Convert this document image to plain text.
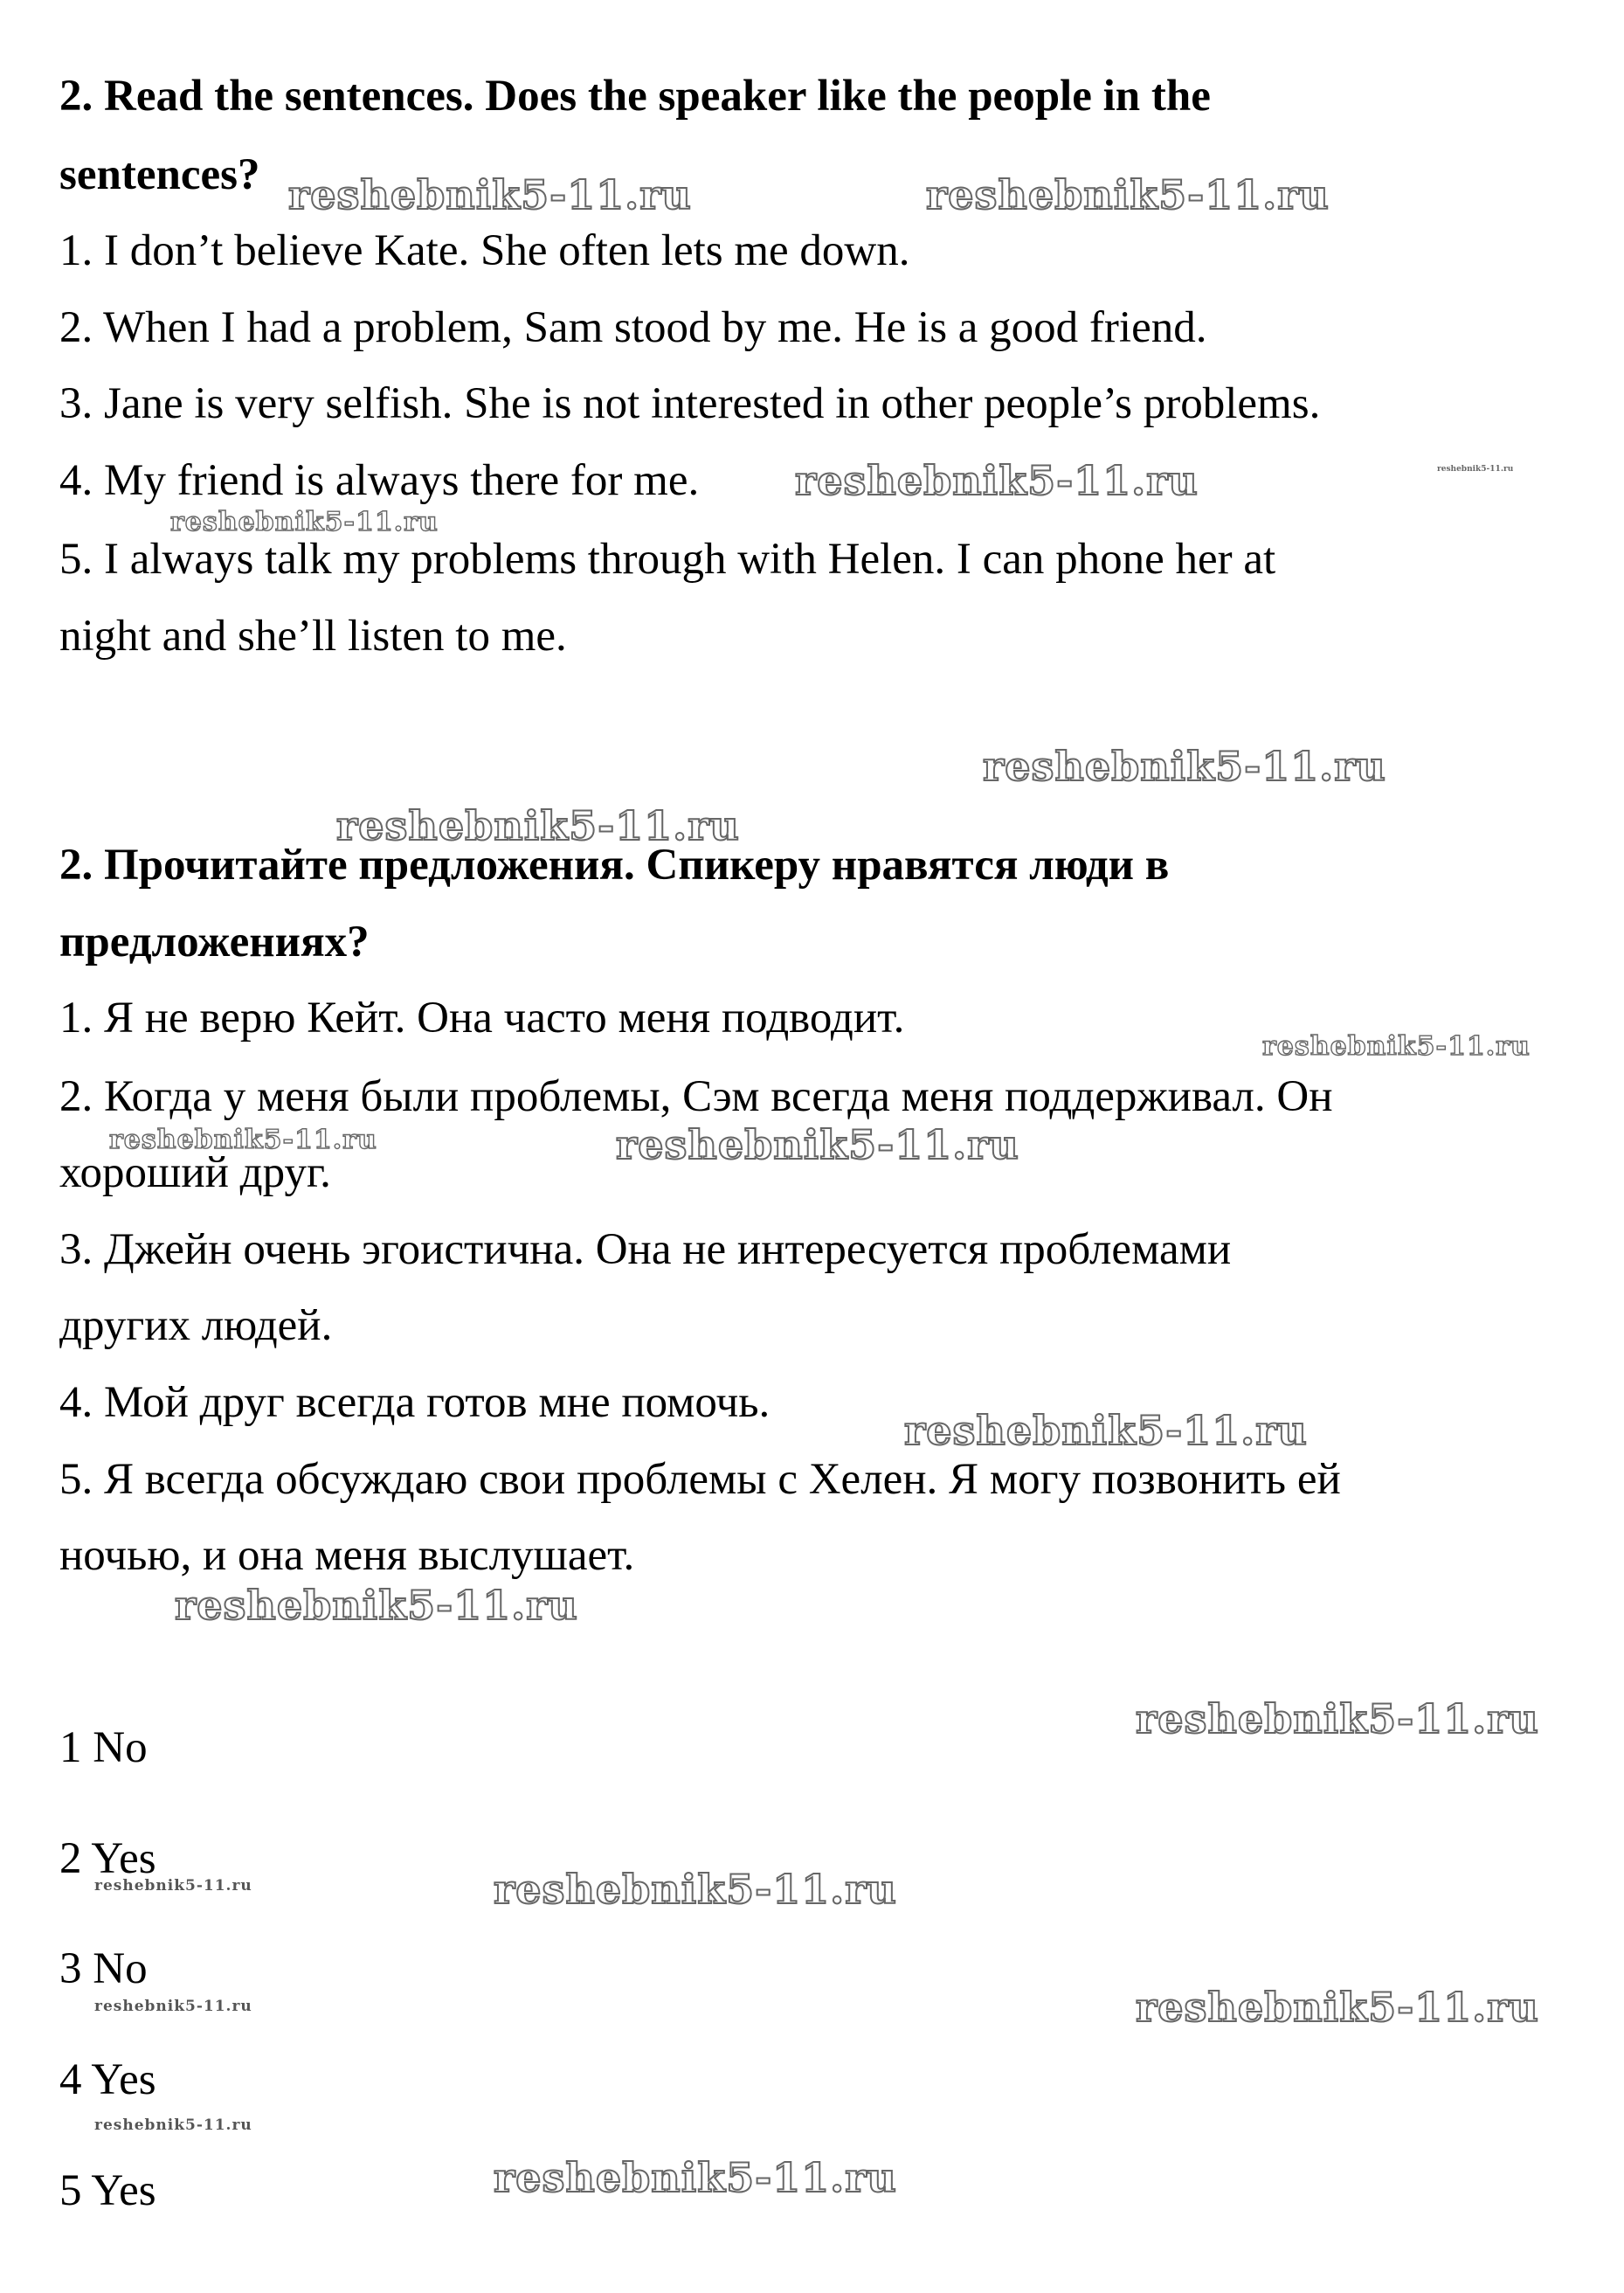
2. Read the sentences. Does the speaker like the people in the
sentences?
1. I don’t believe Kate. She often lets me down.
2. When I had a problem, Sam stood by me. He is a good friend.
3. Jane is very selfish. She is not interested in other people’s problems.
4. My friend is always there for me.
5. I always talk my problems through with Helen. I can phone her at
night and she’ll listen to me.
2. Прочитайте предложения. Спикеру нравятся люди в
предложениях?
1. Я не верю Кейт. Она часто меня подводит.
2. Когда у меня были проблемы, Сэм всегда меня поддерживал. Он
хороший друг.
3. Джейн очень эгоистична. Она не интересуется проблемами
других людей.
4. Мой друг всегда готов мне помочь.
5. Я всегда обсуждаю свои проблемы с Хелен. Я могу позвонить ей
ночью, и она меня выслушает.
1 No
2 Yes
3 No
4 Yes
5 Yes
reshebnik5-11.ru	reshebnik5-11.ru
reshebnik5-11.ru	reshebnik5-11.ru
reshebnik5-11.ru
reshebnik5-11.ru
reshebnik5-11.ru
reshebnik5-11.ru
reshebnik5-11.ru	reshebnik5-11.ru
reshebnik5-11.ru
reshebnik5-11.ru
reshebnik5-11.ru
reshebnik5-11.ru	reshebnik5-11.ru
reshebnik5-11.ru	reshebnik5-11.ru
reshebnik5-11.ru
reshebnik5-11.ru
